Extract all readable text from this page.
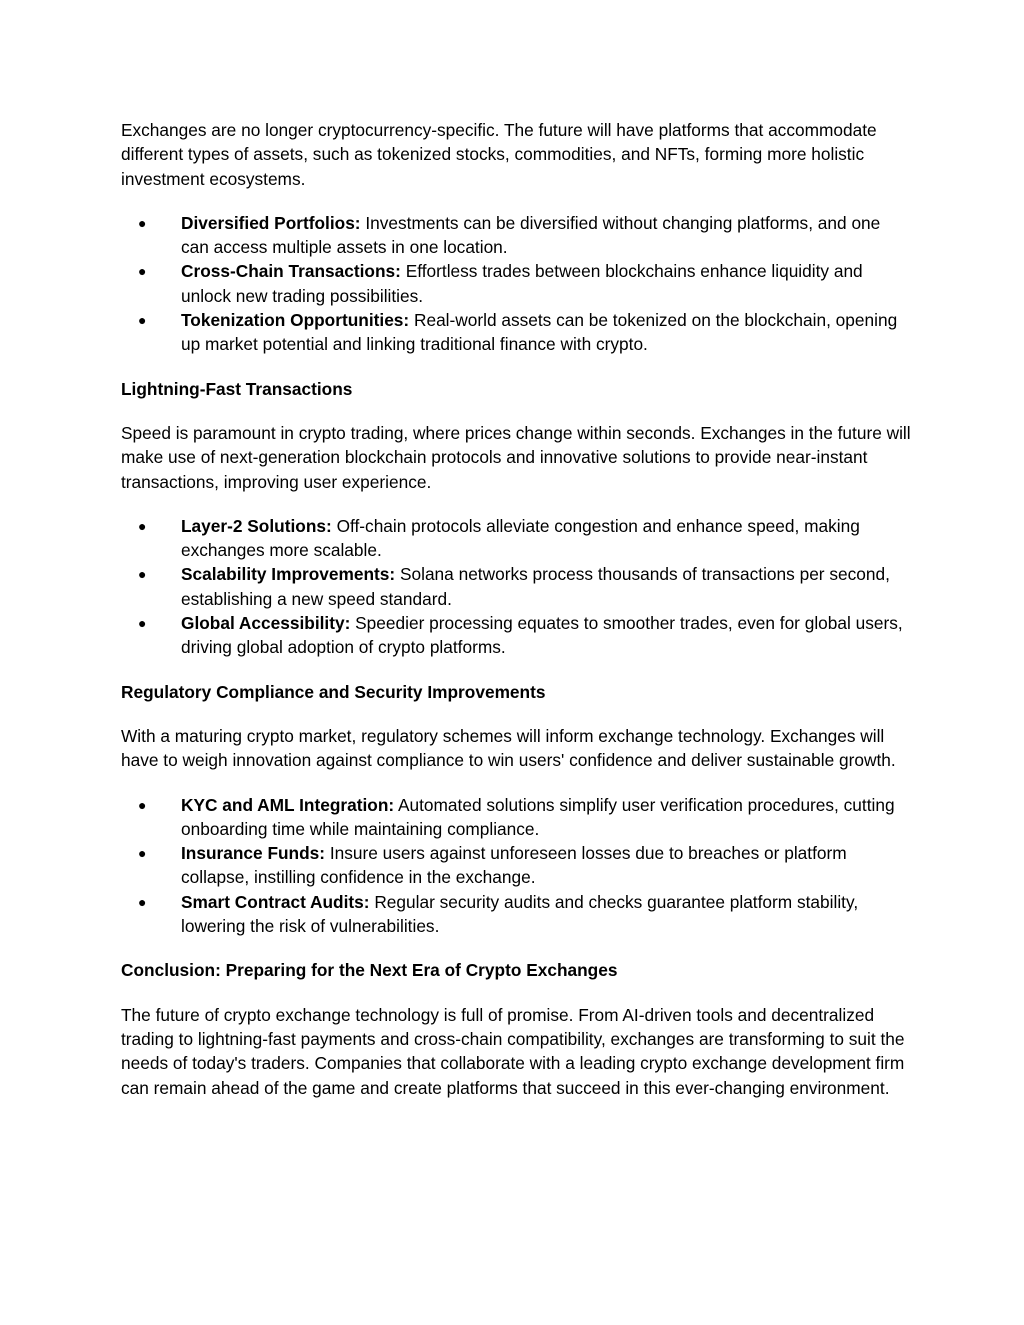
Exchanges are no longer cryptocurrency-specific. The future will have platforms that accommodate different types of assets, such as tokenized stocks, commodities, and NFTs, forming more holistic investment ecosystems.

● Diversified Portfolios: Investments can be diversified without changing platforms, and one can access multiple assets in one location.
● Cross-Chain Transactions: Effortless trades between blockchains enhance liquidity and unlock new trading possibilities.
● Tokenization Opportunities: Real-world assets can be tokenized on the blockchain, opening up market potential and linking traditional finance with crypto.

Lightning-Fast Transactions

Speed is paramount in crypto trading, where prices change within seconds. Exchanges in the future will make use of next-generation blockchain protocols and innovative solutions to provide near-instant transactions, improving user experience.

● Layer-2 Solutions: Off-chain protocols alleviate congestion and enhance speed, making exchanges more scalable.
● Scalability Improvements: Solana networks process thousands of transactions per second, establishing a new speed standard.
● Global Accessibility: Speedier processing equates to smoother trades, even for global users, driving global adoption of crypto platforms.

Regulatory Compliance and Security Improvements

With a maturing crypto market, regulatory schemes will inform exchange technology. Exchanges will have to weigh innovation against compliance to win users' confidence and deliver sustainable growth.

● KYC and AML Integration: Automated solutions simplify user verification procedures, cutting onboarding time while maintaining compliance.
● Insurance Funds: Insure users against unforeseen losses due to breaches or platform collapse, instilling confidence in the exchange.
● Smart Contract Audits: Regular security audits and checks guarantee platform stability, lowering the risk of vulnerabilities.

Conclusion: Preparing for the Next Era of Crypto Exchanges

The future of crypto exchange technology is full of promise. From AI-driven tools and decentralized trading to lightning-fast payments and cross-chain compatibility, exchanges are transforming to suit the needs of today's traders. Companies that collaborate with a leading crypto exchange development firm can remain ahead of the game and create platforms that succeed in this ever-changing environment.
